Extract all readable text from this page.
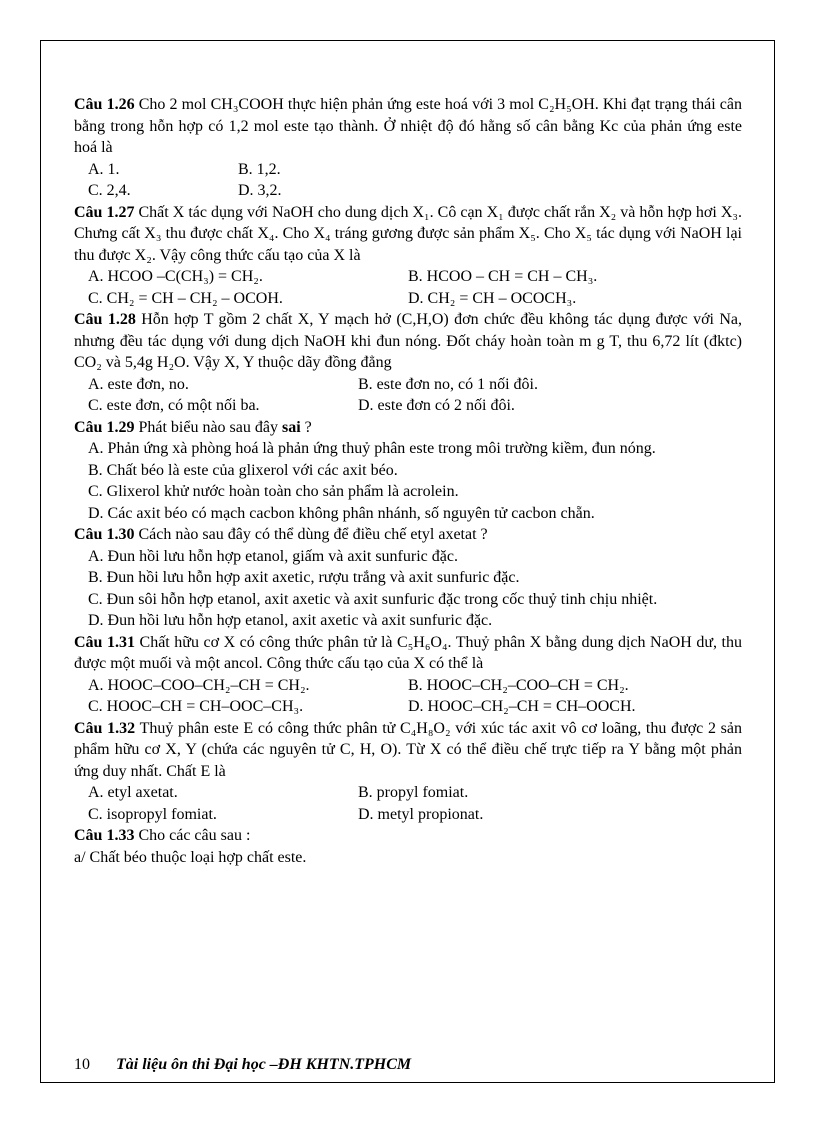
Câu 1.26 Cho 2 mol CH₃COOH thực hiện phản ứng este hoá với 3 mol C₂H₅OH. Khi đạt trạng thái cân bằng trong hỗn hợp có 1,2 mol este tạo thành. Ở nhiệt độ đó hằng số cân bằng Kc của phản ứng este hoá là
A. 1.	B. 1,2.
C. 2,4.	D. 3,2.
Câu 1.27 Chất X tác dụng với NaOH cho dung dịch X₁. Cô cạn X₁ được chất rắn X₂ và hỗn hợp hơi X₃. Chưng cất X₃ thu được chất X₄. Cho X₄ tráng gương được sản phẩm X₅. Cho X₅ tác dụng với NaOH lại thu được X₂. Vậy công thức cấu tạo của X là
A. HCOO –C(CH₃) = CH₂.	B. HCOO – CH = CH – CH₃.
C. CH₂ = CH – CH₂ – OCOH.	D. CH₂ = CH – OCOCH₃.
Câu 1.28 Hỗn hợp T gồm 2 chất X, Y mạch hở (C,H,O) đơn chức đều không tác dụng được với Na, nhưng đều tác dụng với dung dịch NaOH khi đun nóng. Đốt cháy hoàn toàn m g T, thu 6,72 lít (đktc) CO₂ và 5,4g H₂O. Vậy X, Y thuộc dãy đồng đẳng
A. este đơn, no.	B. este đơn no, có 1 nối đôi.
C. este đơn, có một nối ba.	D. este đơn có 2 nối đôi.
Câu 1.29 Phát biểu nào sau đây sai ?
A. Phản ứng xà phòng hoá là phản ứng thuỷ phân este trong môi trường kiềm, đun nóng.
B. Chất béo là este của glixerol với các axit béo.
C. Glixerol khử nước hoàn toàn cho sản phẩm là acrolein.
D. Các axit béo có mạch cacbon không phân nhánh, số nguyên tử cacbon chẵn.
Câu 1.30 Cách nào sau đây có thể dùng để điều chế etyl axetat ?
A. Đun hồi lưu hỗn hợp etanol, giấm và axit sunfuric đặc.
B. Đun hồi lưu hỗn hợp axit axetic, rượu trắng và axit sunfuric đặc.
C. Đun sôi hỗn hợp etanol, axit axetic và axit sunfuric đặc trong cốc thuỷ tinh chịu nhiệt.
D. Đun hồi lưu hỗn hợp etanol, axit axetic và axit sunfuric đặc.
Câu 1.31 Chất hữu cơ X có công thức phân tử là C₅H₆O₄. Thuỷ phân X bằng dung dịch NaOH dư, thu được một muối và một ancol. Công thức cấu tạo của X có thể là
A. HOOC–COO–CH₂–CH = CH₂.	B. HOOC–CH₂–COO–CH = CH₂.
C. HOOC–CH = CH–OOC–CH₃.	D. HOOC–CH₂–CH = CH–OOCH.
Câu 1.32 Thuỷ phân este E có công thức phân tử C₄H₈O₂ với xúc tác axit vô cơ loãng, thu được 2 sản phẩm hữu cơ X, Y (chứa các nguyên tử C, H, O). Từ X có thể điều chế trực tiếp ra Y bằng một phản ứng duy nhất. Chất E là
A. etyl axetat.	B. propyl fomiat.
C. isopropyl fomiat.	D. metyl propionat.
Câu 1.33 Cho các câu sau :
a/ Chất béo thuộc loại hợp chất este.
10 Tài liệu ôn thi Đại học –ĐH KHTN.TPHCM
